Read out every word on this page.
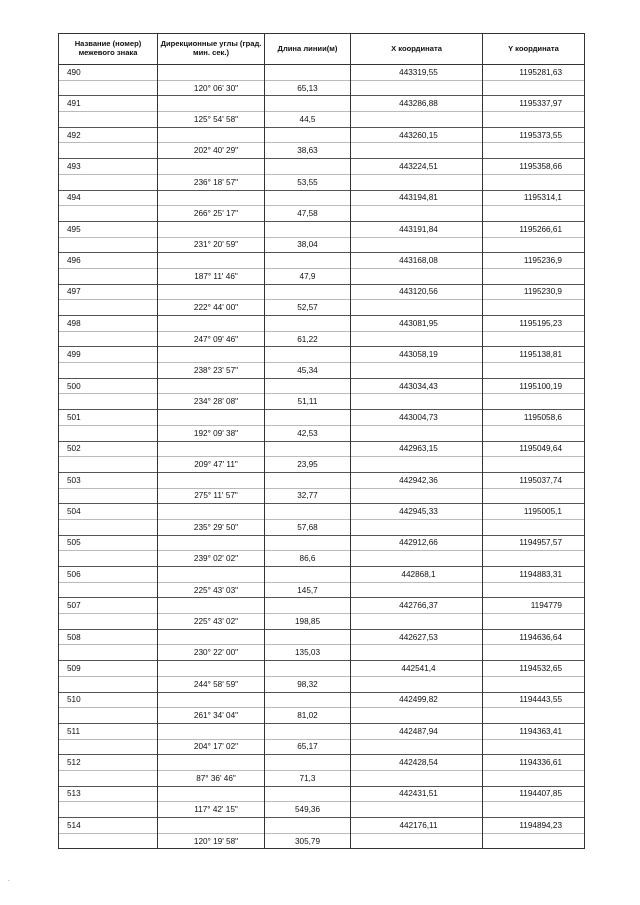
Название (номер) межевого знака	Дирекционные углы (град. мин. сек.)	Длина линии(м)	X координата	Y координата
490			443319,55	1195281,63
	120° 06' 30"	65,13		
491			443286,88	1195337,97
	125° 54' 58"	44,5		
492			443260,15	1195373,55
	202° 40' 29"	38,63		
493			443224,51	1195358,66
	236° 18' 57"	53,55		
494			443194,81	1195314,1
	266° 25' 17"	47,58		
495			443191,84	1195266,61
	231° 20' 59"	38,04		
496			443168,08	1195236,9
	187° 11' 46"	47,9		
497			443120,56	1195230,9
	222° 44' 00"	52,57		
498			443081,95	1195195,23
	247° 09' 46"	61,22		
499			443058,19	1195138,81
	238° 23' 57"	45,34		
500			443034,43	1195100,19
	234° 28' 08"	51,11		
501			443004,73	1195058,6
	192° 09' 38"	42,53		
502			442963,15	1195049,64
	209° 47' 11"	23,95		
503			442942,36	1195037,74
	275° 11' 57"	32,77		
504			442945,33	1195005,1
	235° 29' 50"	57,68		
505			442912,66	1194957,57
	239° 02' 02"	86,6		
506			442868,1	1194883,31
	225° 43' 03"	145,7		
507			442766,37	1194779
	225° 43' 02"	198,85		
508			442627,53	1194636,64
	230° 22' 00"	135,03		
509			442541,4	1194532,65
	244° 58' 59"	98,32		
510			442499,82	1194443,55
	261° 34' 04"	81,02		
511			442487,94	1194363,41
	204° 17' 02"	65,17		
512			442428,54	1194336,61
	87° 36' 46"	71,3		
513			442431,51	1194407,85
	117° 42' 15"	549,36		
514			442176,11	1194894,23
	120° 19' 58"	305,79		
.
